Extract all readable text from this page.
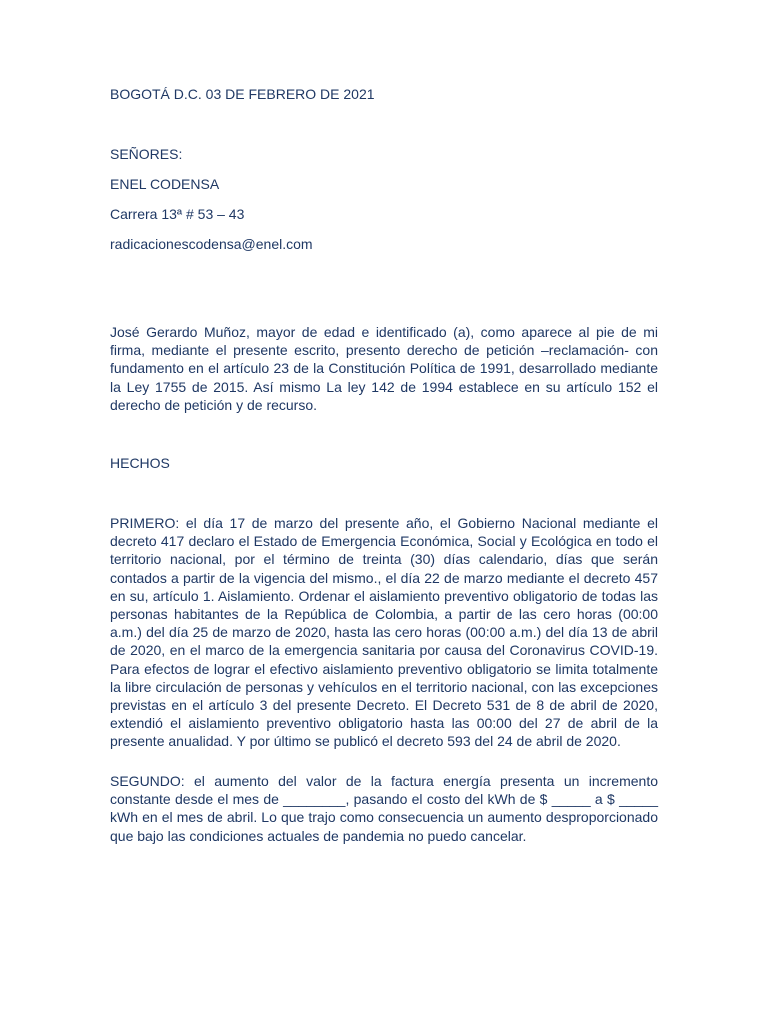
BOGOTÁ D.C. 03 DE FEBRERO DE 2021

SEÑORES:

ENEL CODENSA

Carrera 13ª # 53 – 43

radicacionescodensa@enel.com

José Gerardo Muñoz, mayor de edad e identificado (a), como aparece al pie de mi firma, mediante el presente escrito, presento derecho de petición –reclamación- con fundamento en el artículo 23 de la Constitución Política de 1991, desarrollado mediante la Ley 1755 de 2015. Así mismo La ley 142 de 1994 establece en su artículo 152 el derecho de petición y de recurso.

HECHOS

PRIMERO: el día 17 de marzo del presente año, el Gobierno Nacional mediante el decreto 417 declaro el Estado de Emergencia Económica, Social y Ecológica en todo el territorio nacional, por el término de treinta (30) días calendario, días que serán contados a partir de la vigencia del mismo., el día 22 de marzo mediante el decreto 457 en su, artículo 1. Aislamiento. Ordenar el aislamiento preventivo obligatorio de todas las personas habitantes de la República de Colombia, a partir de las cero horas (00:00 a.m.) del día 25 de marzo de 2020, hasta las cero horas (00:00 a.m.) del día 13 de abril de 2020, en el marco de la emergencia sanitaria por causa del Coronavirus COVID-19. Para efectos de lograr el efectivo aislamiento preventivo obligatorio se limita totalmente la libre circulación de personas y vehículos en el territorio nacional, con las excepciones previstas en el artículo 3 del presente Decreto. El Decreto 531 de 8 de abril de 2020, extendió el aislamiento preventivo obligatorio hasta las 00:00 del 27 de abril de la presente anualidad. Y por último se publicó el decreto 593 del 24 de abril de 2020.

SEGUNDO: el aumento del valor de la factura energía presenta un incremento constante desde el mes de ________, pasando el costo del kWh de $ _____ a $ _____ kWh en el mes de abril. Lo que trajo como consecuencia un aumento desproporcionado que bajo las condiciones actuales de pandemia no puedo cancelar.
